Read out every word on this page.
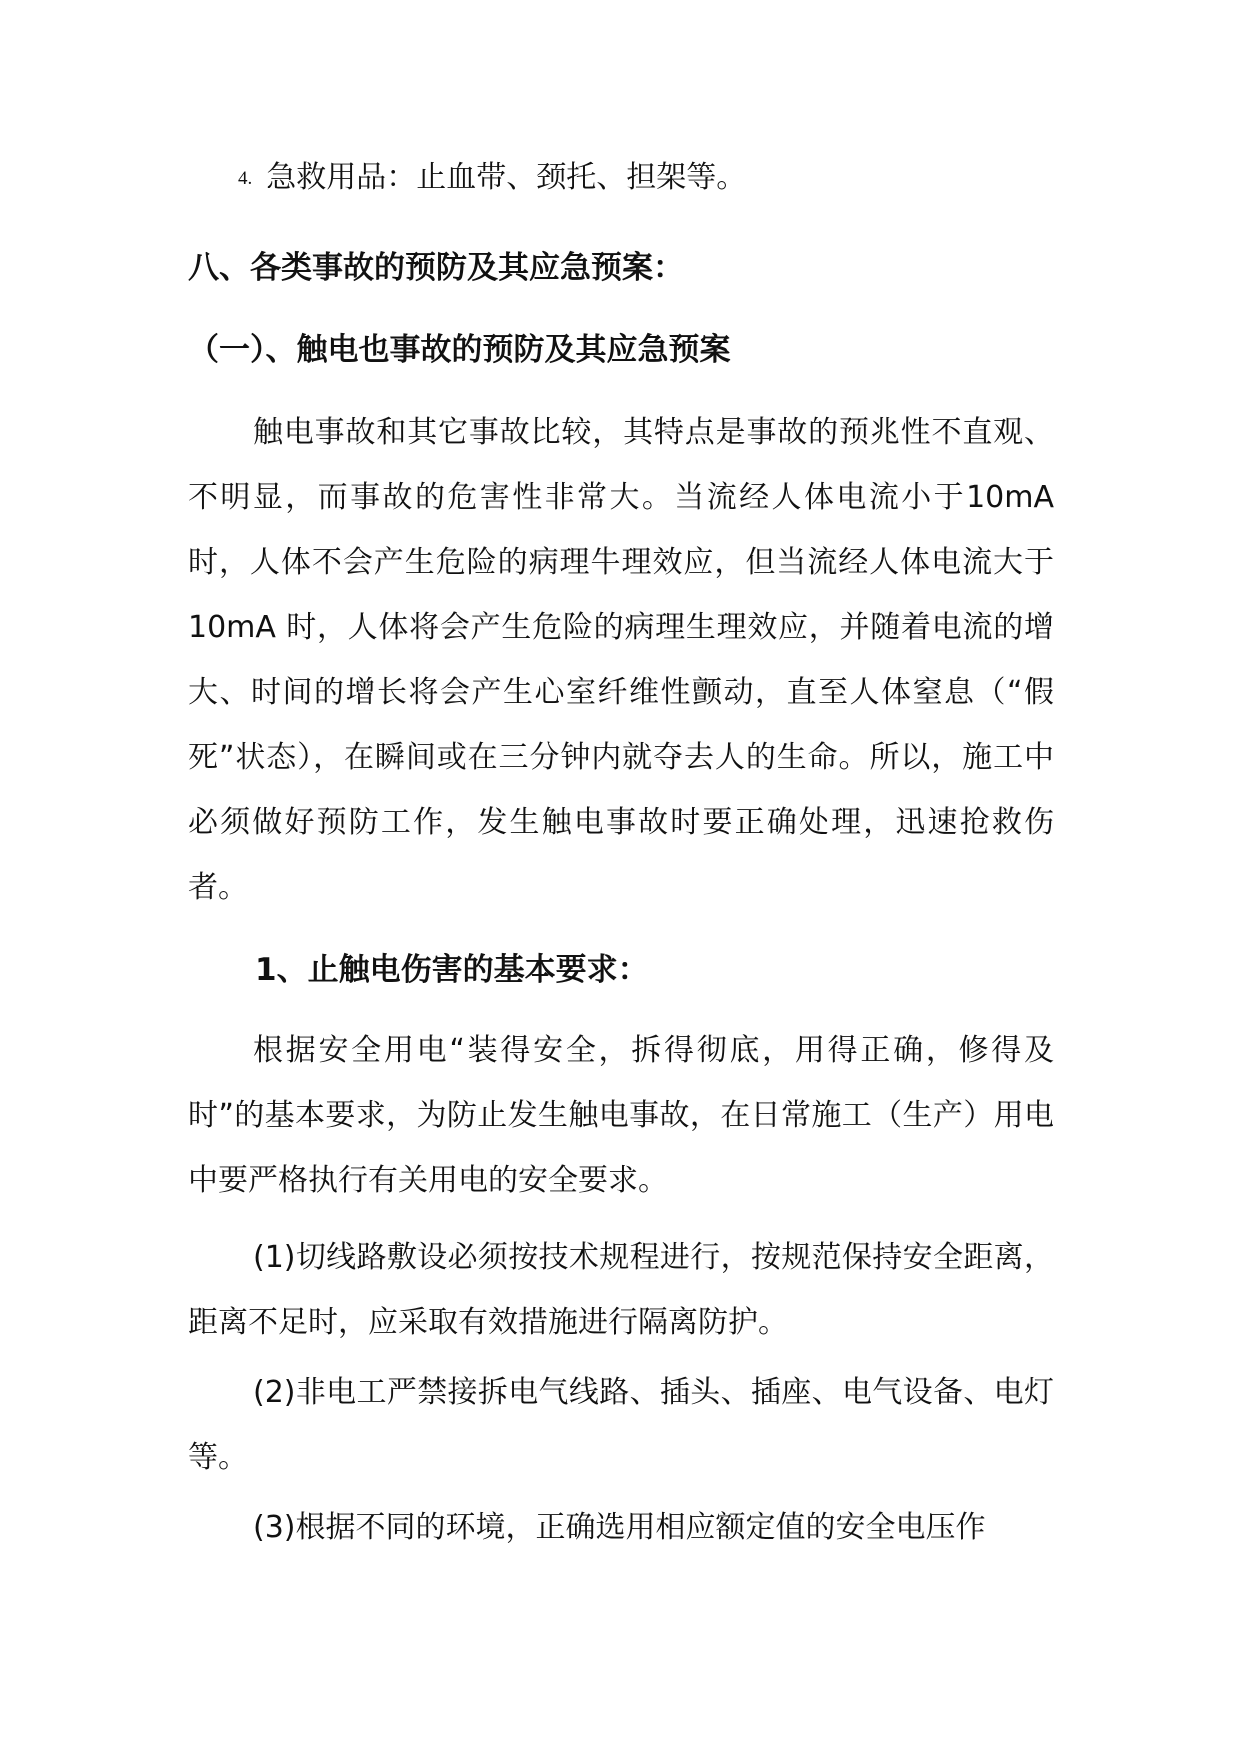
4. 急救用品：止血带、颈托、担架等。
八、各类事故的预防及其应急预案：
（一）、触电也事故的预防及其应急预案

触电事故和其它事故比较，其特点是事故的预兆性不直观、不明显，而事故的危害性非常大。当流经人体电流小于10mA 时，人体不会产生危险的病理牛理效应，但当流经人体电流大于 10mA 时，人体将会产生危险的病理生理效应，并随着电流的增大、时间的增长将会产生心室纤维性颤动，直至人体窒息（“假死”状态），在瞬间或在三分钟内就夺去人的生命。所以，施工中必须做好预防工作，发生触电事故时要正确处理，迅速抢救伤者。

1、止触电伤害的基本要求：

根据安全用电“装得安全，拆得彻底，用得正确，修得及时”的基本要求，为防止发生触电事故，在日常施工（生产）用电中要严格执行有关用电的安全要求。

(1)切线路敷设必须按技术规程进行，按规范保持安全距离，距离不足时，应采取有效措施进行隔离防护。

(2)非电工严禁接拆电气线路、插头、插座、电气设备、电灯等。

(3)根据不同的环境，正确选用相应额定值的安全电压作
